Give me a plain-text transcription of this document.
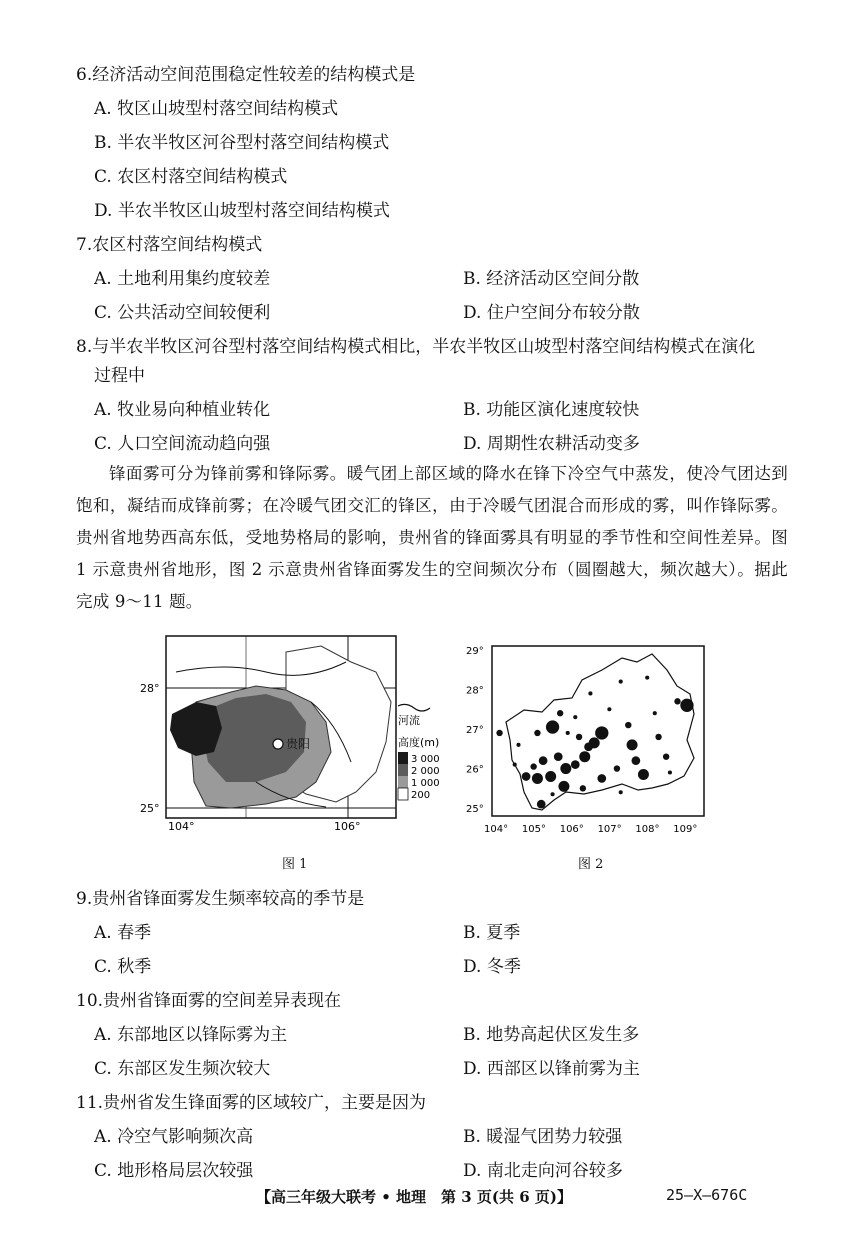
6.经济活动空间范围稳定性较差的结构模式是
A. 牧区山坡型村落空间结构模式
B. 半农半牧区河谷型村落空间结构模式
C. 农区村落空间结构模式
D. 半农半牧区山坡型村落空间结构模式
7.农区村落空间结构模式
A. 土地利用集约度较差	B. 经济活动区空间分散
C. 公共活动空间较便利	D. 住户空间分布较分散
8.与半农半牧区河谷型村落空间结构模式相比，半农半牧区山坡型村落空间结构模式在演化
过程中
A. 牧业易向种植业转化	B. 功能区演化速度较快
C. 人口空间流动趋向强	D. 周期性农耕活动变多
锋面雾可分为锋前雾和锋际雾。暖气团上部区域的降水在锋下冷空气中蒸发，使冷气团达到饱和，凝结而成锋前雾；在冷暖气团交汇的锋区，由于冷暖气团混合而形成的雾，叫作锋际雾。贵州省地势西高东低，受地势格局的影响，贵州省的锋面雾具有明显的季节性和空间性差异。图 1 示意贵州省地形，图 2 示意贵州省锋面雾发生的空间频次分布（圆圈越大，频次越大）。据此完成 9～11 题。
贵阳
28°
25°
104°	106°
河流
高度(m)
3 000
2 000
1 000
200
图 1
29°
28°
27°
26°
25°
104° 105° 106° 107° 108° 109°
图 2
9.贵州省锋面雾发生频率较高的季节是
A. 春季	B. 夏季
C. 秋季	D. 冬季
10.贵州省锋面雾的空间差异表现在
A. 东部地区以锋际雾为主	B. 地势高起伏区发生多
C. 东部区发生频次较大	D. 西部区以锋前雾为主
11.贵州省发生锋面雾的区域较广，主要是因为
A. 冷空气影响频次高	B. 暖湿气团势力较强
C. 地形格局层次较强	D. 南北走向河谷较多
【高三年级大联考 • 地理　第 3 页(共 6 页)】	25—X—676C
